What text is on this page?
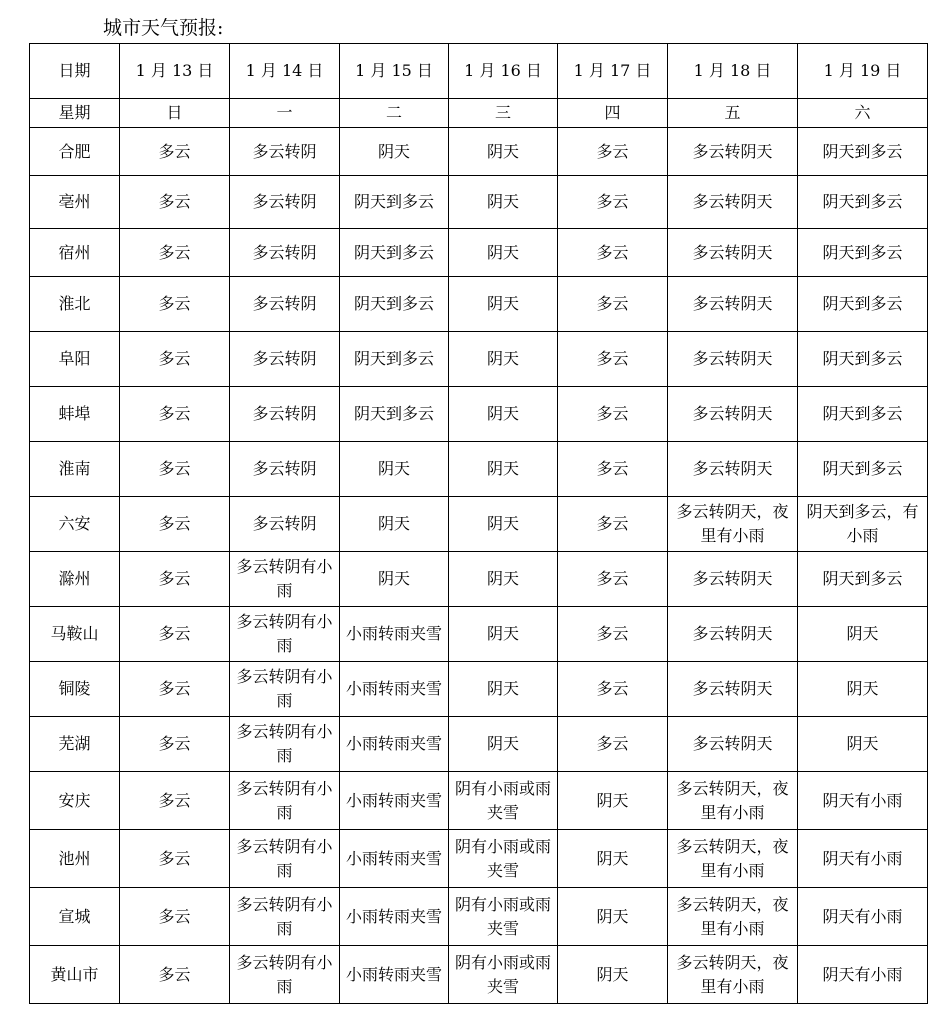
城市天气预报:
日期	1 月 13 日	1 月 14 日	1 月 15 日	1 月 16 日	1 月 17 日	1 月 18 日	1 月 19 日
星期	日	一	二	三	四	五	六
合肥	多云	多云转阴	阴天	阴天	多云	多云转阴天	阴天到多云
亳州	多云	多云转阴	阴天到多云	阴天	多云	多云转阴天	阴天到多云
宿州	多云	多云转阴	阴天到多云	阴天	多云	多云转阴天	阴天到多云
淮北	多云	多云转阴	阴天到多云	阴天	多云	多云转阴天	阴天到多云
阜阳	多云	多云转阴	阴天到多云	阴天	多云	多云转阴天	阴天到多云
蚌埠	多云	多云转阴	阴天到多云	阴天	多云	多云转阴天	阴天到多云
淮南	多云	多云转阴	阴天	阴天	多云	多云转阴天	阴天到多云
六安	多云	多云转阴	阴天	阴天	多云	多云转阴天，夜里有小雨	阴天到多云，有小雨
滁州	多云	多云转阴有小雨	阴天	阴天	多云	多云转阴天	阴天到多云
马鞍山	多云	多云转阴有小雨	小雨转雨夹雪	阴天	多云	多云转阴天	阴天
铜陵	多云	多云转阴有小雨	小雨转雨夹雪	阴天	多云	多云转阴天	阴天
芜湖	多云	多云转阴有小雨	小雨转雨夹雪	阴天	多云	多云转阴天	阴天
安庆	多云	多云转阴有小雨	小雨转雨夹雪	阴有小雨或雨夹雪	阴天	多云转阴天，夜里有小雨	阴天有小雨
池州	多云	多云转阴有小雨	小雨转雨夹雪	阴有小雨或雨夹雪	阴天	多云转阴天，夜里有小雨	阴天有小雨
宣城	多云	多云转阴有小雨	小雨转雨夹雪	阴有小雨或雨夹雪	阴天	多云转阴天，夜里有小雨	阴天有小雨
黄山市	多云	多云转阴有小雨	小雨转雨夹雪	阴有小雨或雨夹雪	阴天	多云转阴天，夜里有小雨	阴天有小雨
